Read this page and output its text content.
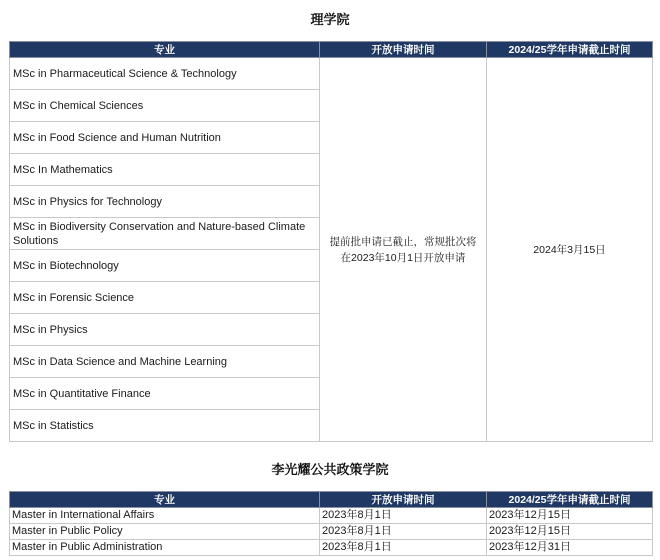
理学院
专业	开放申请时间	2024/25学年申请截止时间
MSc in Pharmaceutical Science & Technology	提前批申请已截止，常规批次将在2023年10月1日开放申请	2024年3月15日
MSc in Chemical Sciences		
MSc in Food Science and Human Nutrition		
MSc In Mathematics		
MSc in Physics for Technology		
MSc in Biodiversity Conservation and Nature-based Climate Solutions		
MSc in Biotechnology		
MSc in Forensic Science		
MSc in Physics		
MSc in Data Science and Machine Learning		
MSc in Quantitative Finance		
MSc in Statistics		
李光耀公共政策学院
专业	开放申请时间	2024/25学年申请截止时间
Master in International Affairs	2023年8月1日	2023年12月15日
Master in Public Policy	2023年8月1日	2023年12月15日
Master in Public Administration	2023年8月1日	2023年12月31日
